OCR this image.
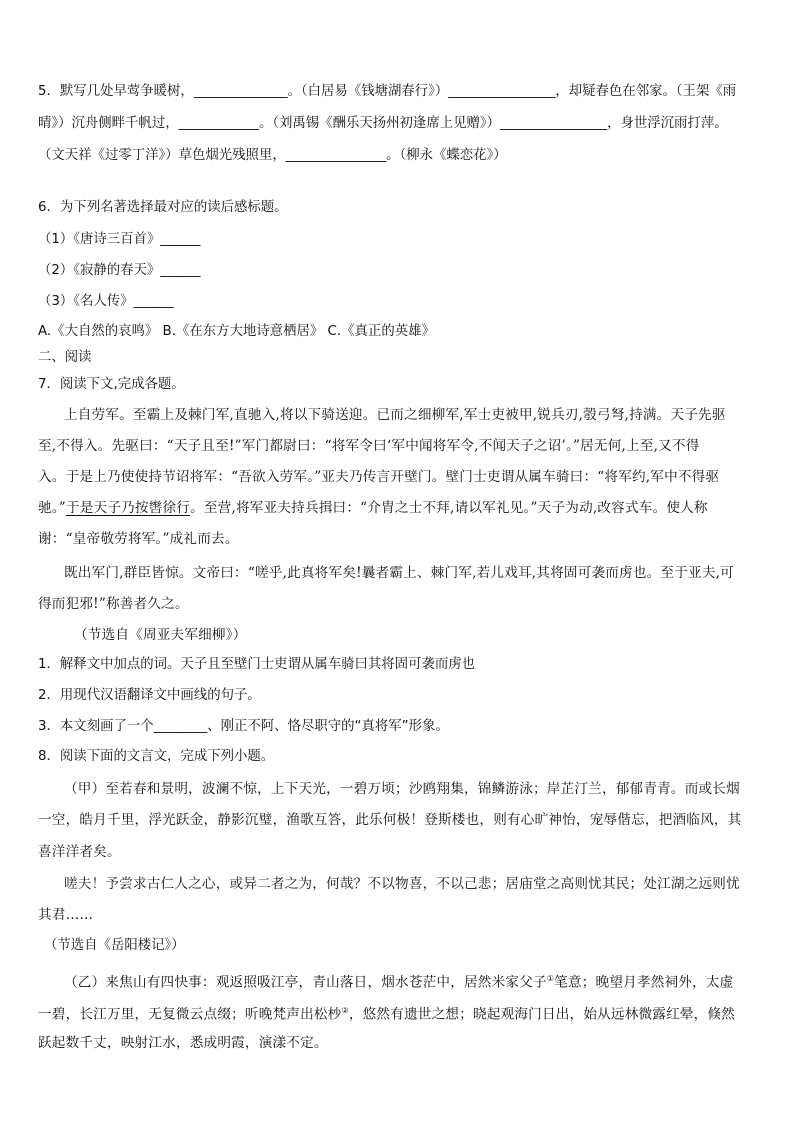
5．默写几处早莺争暖树，______________。（白居易《钱塘湖春行》）________________，却疑春色在邻家。（王架《雨
晴》）沉舟侧畔千帆过，____________。（刘禹锡《酬乐天扬州初逢席上见赠》）________________，身世浮沉雨打萍。
（文天祥《过零丁洋》）草色烟光残照里，_______________。（柳永《蝶恋花》）
6．为下列名著选择最对应的读后感标题。
（1）《唐诗三百首》______
（2）《寂静的春天》______
（3）《名人传》______
A.《大自然的哀鸣》 B.《在东方大地诗意栖居》 C.《真正的英雄》
二、阅读
7．阅读下文,完成各题。
上自劳军。至霸上及棘门军,直驰入,将以下骑送迎。已而之细柳军,军士吏被甲,锐兵刃,彀弓弩,持满。天子先驱
至,不得入。先驱曰：“天子且至!”军门都尉曰：“将军令曰‘军中闻将军令,不闻天子之诏’。”居无何,上至,又不得
入。于是上乃使使持节诏将军：“吾欲入劳军。”亚夫乃传言开壁门。壁门士吏谓从属车骑曰：“将军约,军中不得驱
驰。”于是天子乃按辔徐行。至营,将军亚夫持兵揖曰：“介胄之士不拜,请以军礼见。”天子为动,改容式车。使人称
谢：“皇帝敬劳将军。”成礼而去。
既出军门,群臣皆惊。文帝曰：“嗟乎,此真将军矣!曩者霸上、棘门军,若儿戏耳,其将固可袭而虏也。至于亚夫,可
得而犯邪!”称善者久之。
（节选自《周亚夫军细柳》）
1．解释文中加点的词。天子且至壁门士吏谓从属车骑曰其将固可袭而虏也
2．用现代汉语翻译文中画线的句子。
3．本文刻画了一个________、刚正不阿、恪尽职守的“真将军”形象。
8．阅读下面的文言文，完成下列小题。
（甲）至若春和景明，波澜不惊，上下天光，一碧万顷；沙鸥翔集，锦鳞游泳；岸芷汀兰，郁郁青青。而或长烟
一空，皓月千里，浮光跃金，静影沉璧，渔歌互答，此乐何极！登斯楼也，则有心旷神怡，宠辱偕忘，把酒临风，其
喜洋洋者矣。
嗟夫！予尝求古仁人之心，或异二者之为，何哉？不以物喜，不以己悲；居庙堂之高则忧其民；处江湖之远则忧
其君……
（节选自《岳阳楼记》）
（乙）来焦山有四快事：观返照吸江亭，青山落日，烟水苍茫中，居然米家父子①笔意；晚望月孝然祠外，太虚
一碧，长江万里，无复微云点缀；听晚梵声出松杪②，悠然有遗世之想；晓起观海门日出，始从远林微露红晕，倏然
跃起数千丈，映射江水，悉成明霞，演漾不定。
